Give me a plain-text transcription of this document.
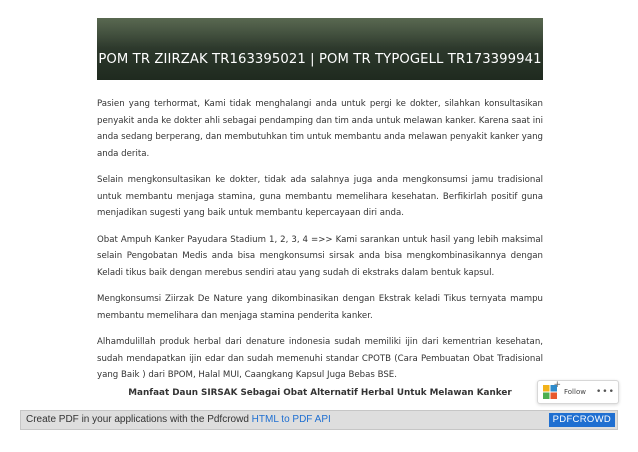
POM TR ZIIRZAK TR163395021 | POM TR TYPOGELL TR173399941

Pasien yang terhormat, Kami tidak menghalangi anda untuk pergi ke dokter, silahkan konsultasikan penyakit anda ke dokter ahli sebagai pendamping dan tim anda untuk melawan kanker. Karena saat ini anda sedang berperang, dan membutuhkan tim untuk membantu anda melawan penyakit kanker yang anda derita.

Selain mengkonsultasikan ke dokter, tidak ada salahnya juga anda mengkonsumsi jamu tradisional untuk membantu menjaga stamina, guna membantu memelihara kesehatan. Berfikirlah positif guna menjadikan sugesti yang baik untuk membantu kepercayaan diri anda.

Obat Ampuh Kanker Payudara Stadium 1, 2, 3, 4 =>> Kami sarankan untuk hasil yang lebih maksimal selain Pengobatan Medis anda bisa mengkonsumsi sirsak anda bisa mengkombinasikannya dengan Keladi tikus baik dengan merebus sendiri atau yang sudah di ekstraks dalam bentuk kapsul.

Mengkonsumsi Ziirzak De Nature yang dikombinasikan dengan Ekstrak keladi Tikus ternyata mampu membantu memelihara dan menjaga stamina penderita kanker.

Alhamdulillah produk herbal dari denature indonesia sudah memiliki ijin dari kementrian kesehatan, sudah mendapatkan ijin edar dan sudah memenuhi standar CPOTB (Cara Pembuatan Obat Tradisional yang Baik ) dari BPOM, Halal MUI, Caangkang Kapsul Juga Bebas BSE.

Manfaat Daun SIRSAK Sebagai Obat Alternatif Herbal Untuk Melawan Kanker
+	Follow •••
Create PDF in your applications with the Pdfcrowd HTML to PDF API	PDFCROWD
